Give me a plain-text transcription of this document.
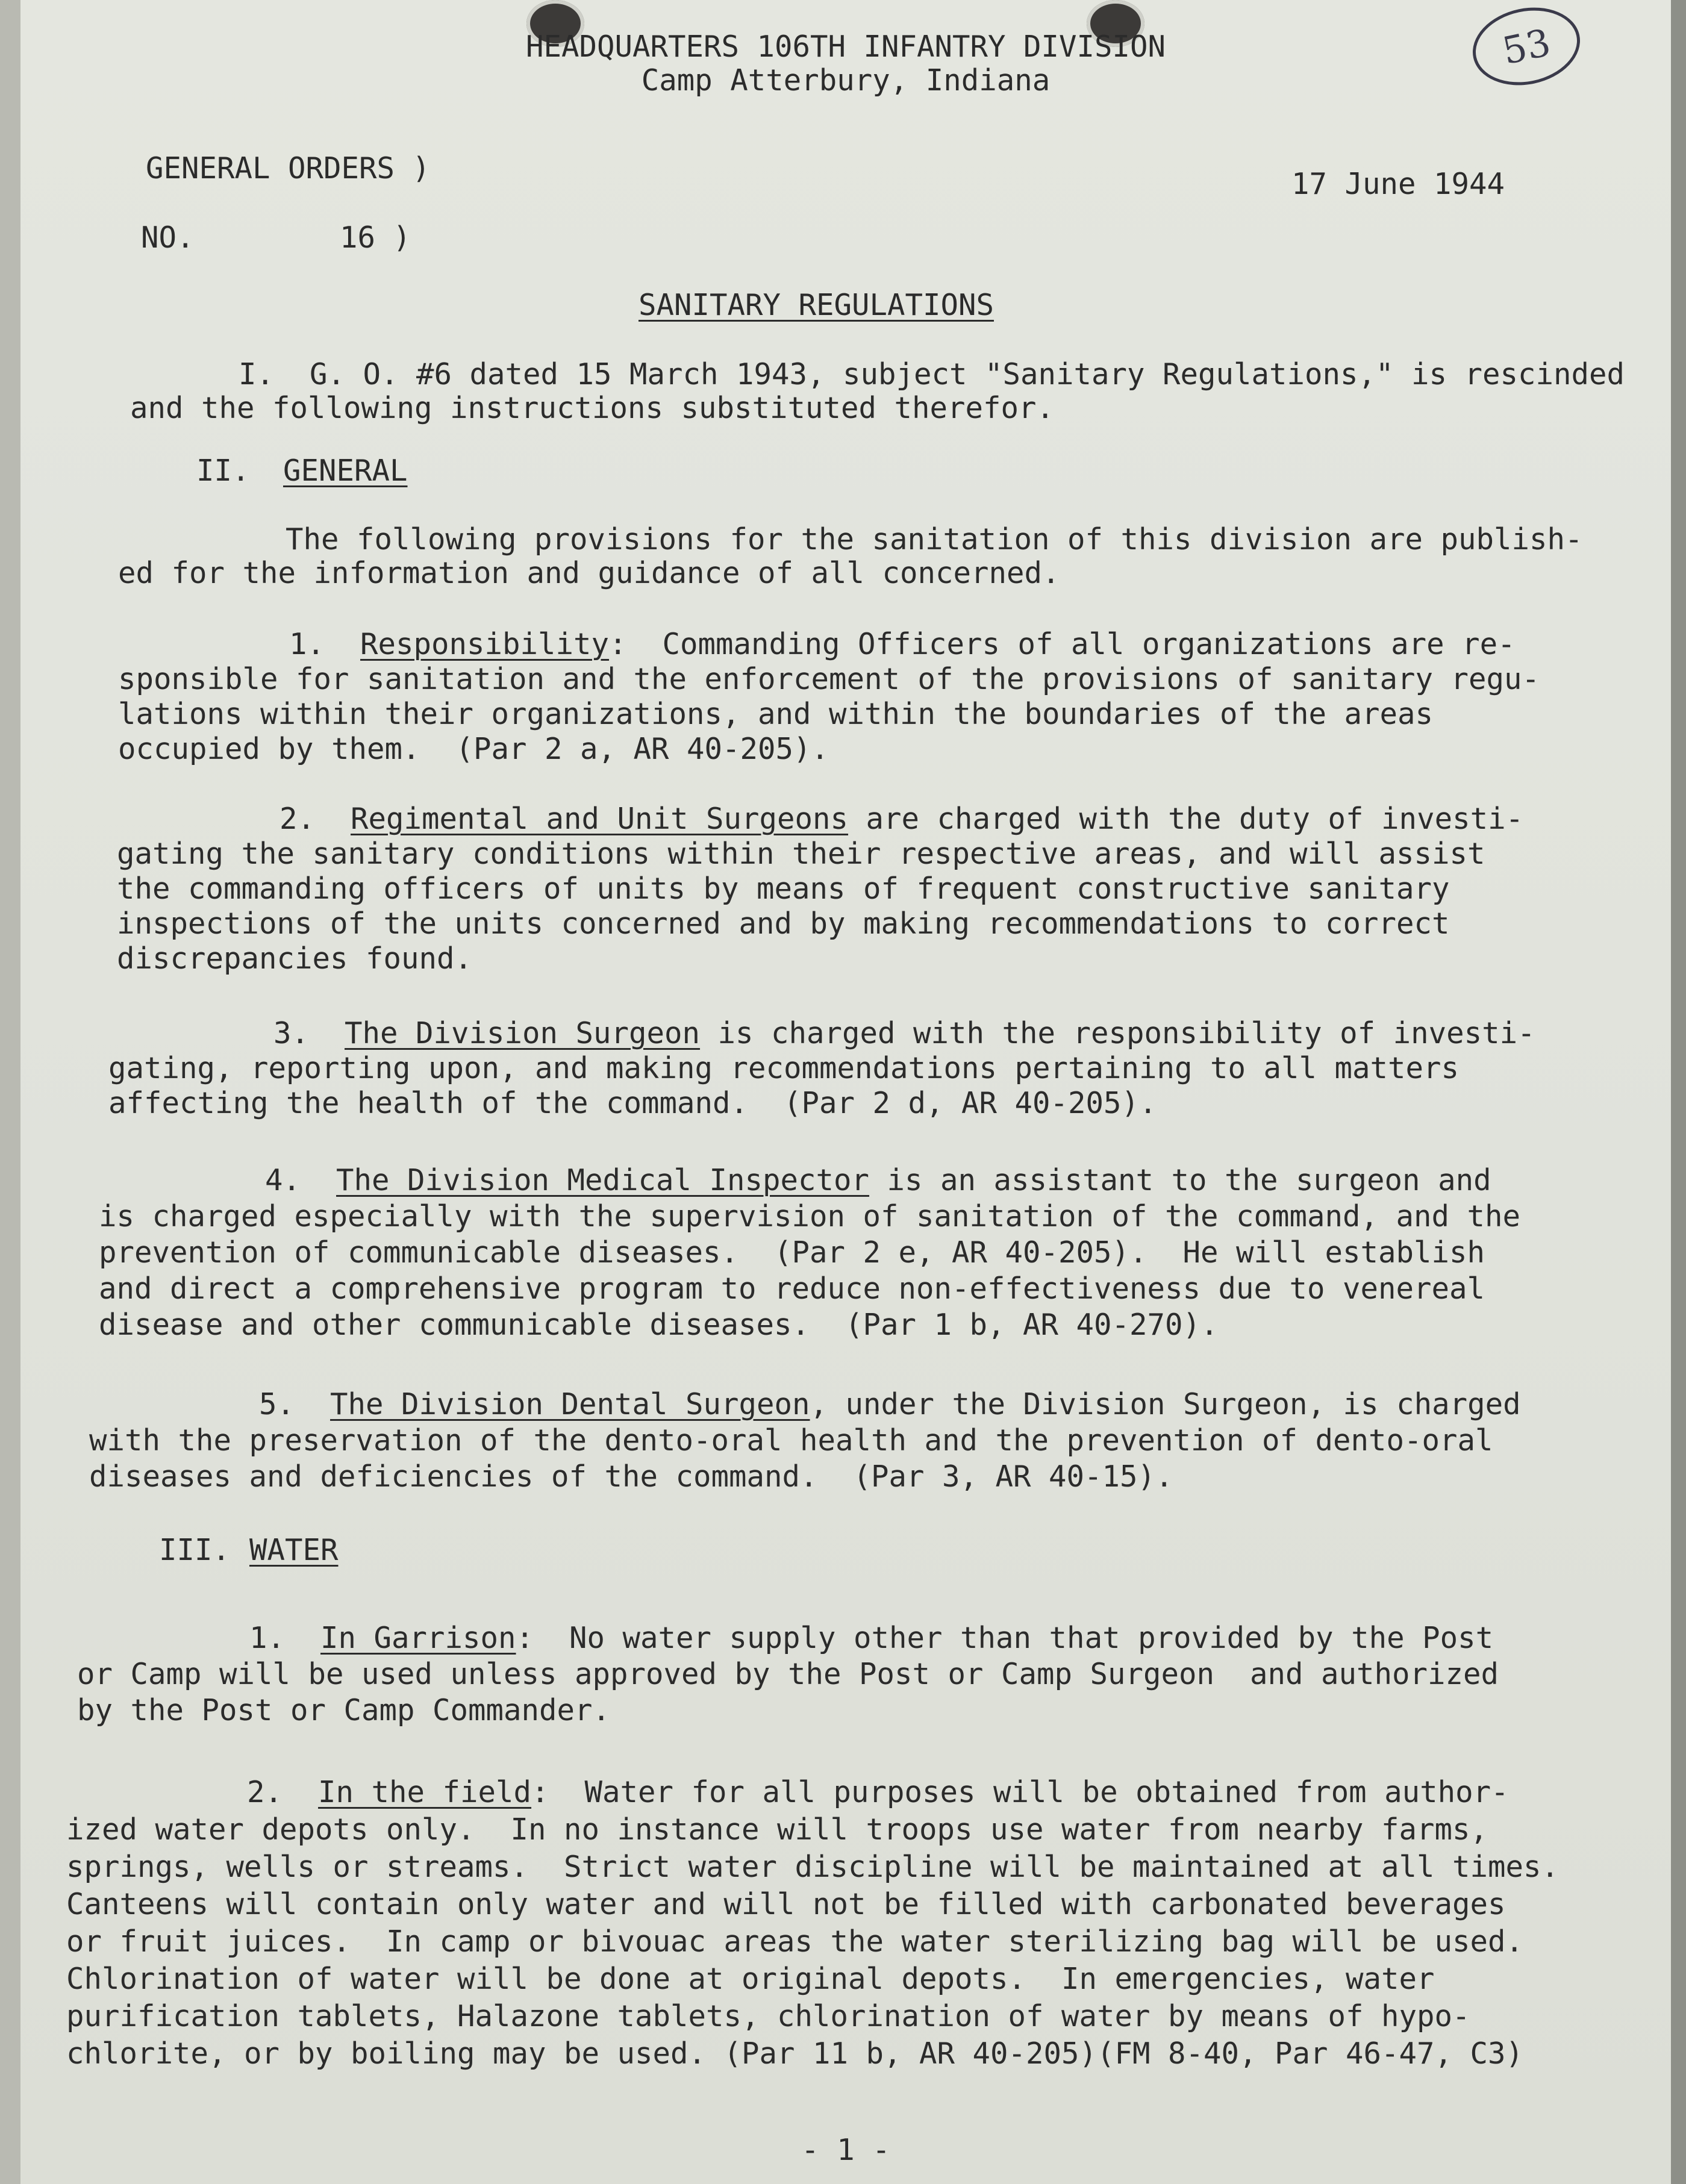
53
HEADQUARTERS 106TH INFANTRY DIVISION
Camp Atterbury, Indiana
GENERAL ORDERS )
NO.	16 )
17 June 1944
SANITARY REGULATIONS
I.  G. O. #6 dated 15 March 1943, subject "Sanitary Regulations," is rescinded
and the following instructions substituted therefor.
II. GENERAL
The following provisions for the sanitation of this division are publish-
ed for the information and guidance of all concerned.
1. Responsibility:  Commanding Officers of all organizations are re-
sponsible for sanitation and the enforcement of the provisions of sanitary regu-
lations within their organizations, and within the boundaries of the areas
occupied by them.  (Par 2 a, AR 40-205).
2. Regimental and Unit Surgeons are charged with the duty of investi-
gating the sanitary conditions within their respective areas, and will assist
the commanding officers of units by means of frequent constructive sanitary
inspections of the units concerned and by making recommendations to correct
discrepancies found.
3. The Division Surgeon is charged with the responsibility of investi-
gating, reporting upon, and making recommendations pertaining to all matters
affecting the health of the command.  (Par 2 d, AR 40-205).
4. The Division Medical Inspector is an assistant to the surgeon and
is charged especially with the supervision of sanitation of the command, and the
prevention of communicable diseases.  (Par 2 e, AR 40-205).  He will establish
and direct a comprehensive program to reduce non-effectiveness due to venereal
disease and other communicable diseases.  (Par 1 b, AR 40-270).
5. The Division Dental Surgeon, under the Division Surgeon, is charged
with the preservation of the dento-oral health and the prevention of dento-oral
diseases and deficiencies of the command.  (Par 3, AR 40-15).
III. WATER
1. In Garrison:  No water supply other than that provided by the Post
or Camp will be used unless approved by the Post or Camp Surgeon  and authorized
by the Post or Camp Commander.
2. In the field:  Water for all purposes will be obtained from author-
ized water depots only.  In no instance will troops use water from nearby farms,
springs, wells or streams.  Strict water discipline will be maintained at all times.
Canteens will contain only water and will not be filled with carbonated beverages
or fruit juices.  In camp or bivouac areas the water sterilizing bag will be used.
Chlorination of water will be done at original depots.  In emergencies, water
purification tablets, Halazone tablets, chlorination of water by means of hypo-
chlorite, or by boiling may be used. (Par 11 b, AR 40-205)(FM 8-40, Par 46-47, C3)
- 1 -
